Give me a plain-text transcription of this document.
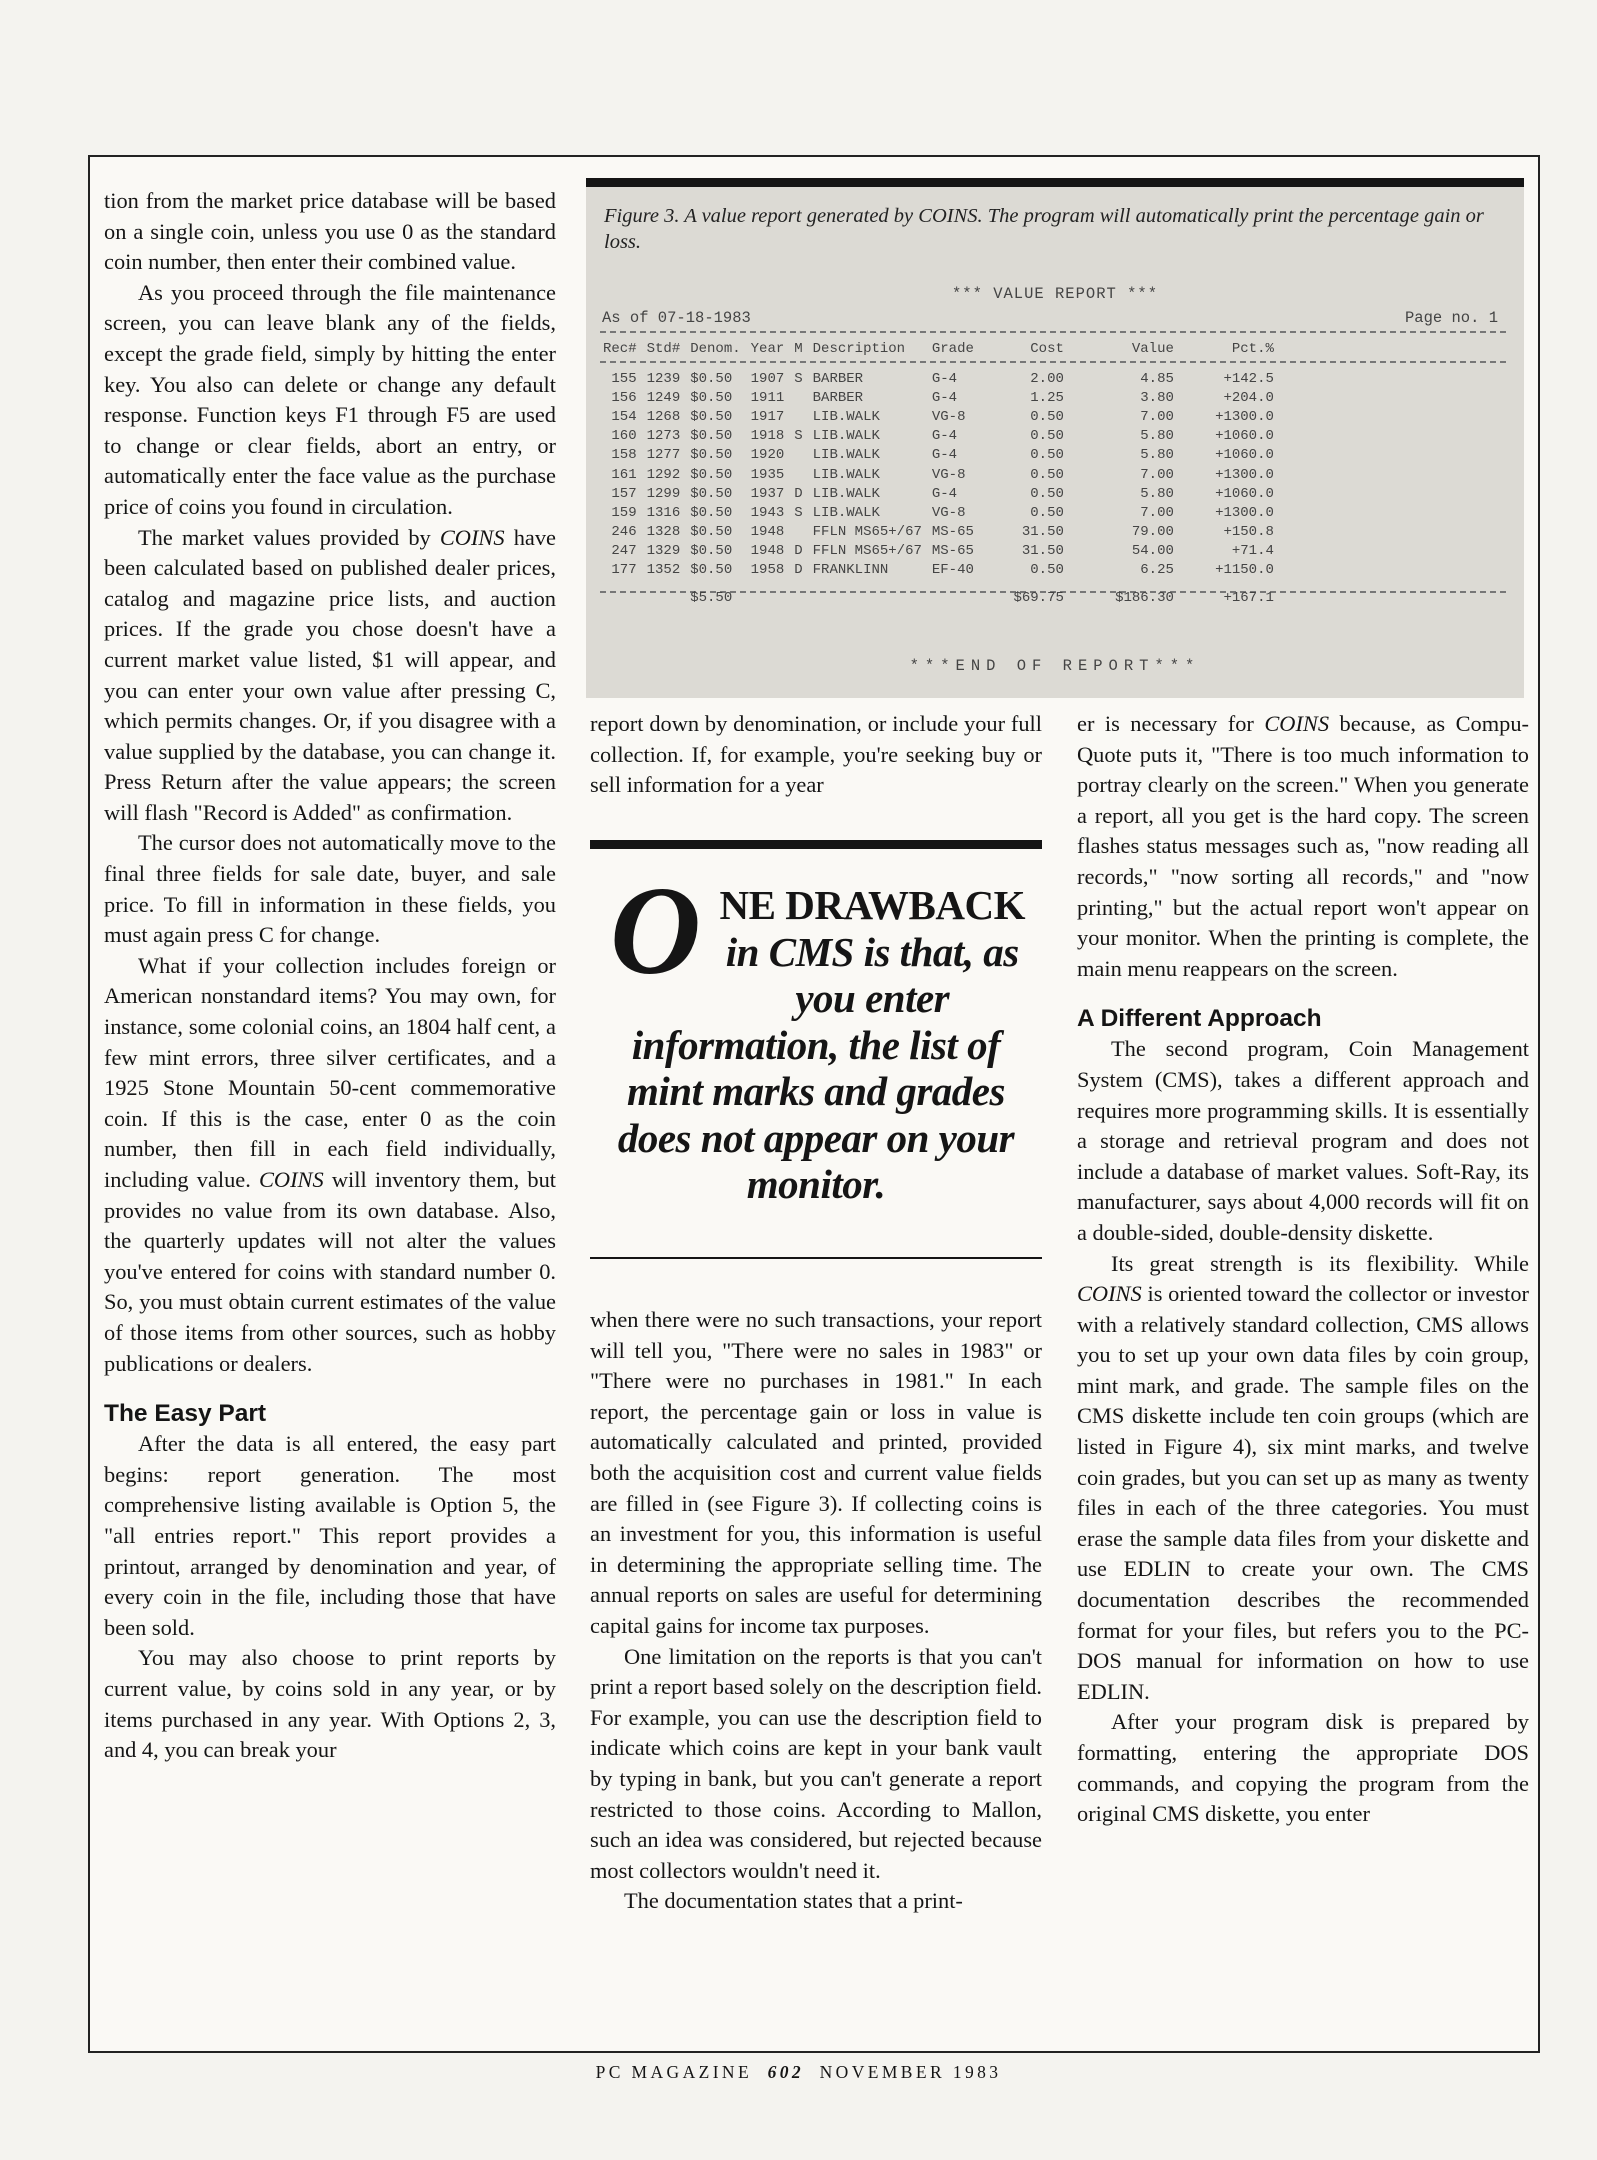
Figure 3. A value report generated by COINS. The program will automatically print the percentage gain or loss.
*** VALUE REPORT ***
As of 07-18-1983	Page no. 1
Rec#	Std#	Denom.	Year	M	Description	Grade	Cost	Value	Pct.%
155	1239	$0.50	1907	S	BARBER	G-4	2.00	4.85	+142.5
156	1249	$0.50	1911		BARBER	G-4	1.25	3.80	+204.0
154	1268	$0.50	1917		LIB.WALK	VG-8	0.50	7.00	+1300.0
160	1273	$0.50	1918	S	LIB.WALK	G-4	0.50	5.80	+1060.0
158	1277	$0.50	1920		LIB.WALK	G-4	0.50	5.80	+1060.0
161	1292	$0.50	1935		LIB.WALK	VG-8	0.50	7.00	+1300.0
157	1299	$0.50	1937	D	LIB.WALK	G-4	0.50	5.80	+1060.0
159	1316	$0.50	1943	S	LIB.WALK	VG-8	0.50	7.00	+1300.0
246	1328	$0.50	1948		FFLN MS65+/67	MS-65	31.50	79.00	+150.8
247	1329	$0.50	1948	D	FFLN MS65+/67	MS-65	31.50	54.00	+71.4
177	1352	$0.50	1958	D	FRANKLINN	EF-40	0.50	6.25	+1150.0
		$5.50					$69.75	$186.30	+167.1
***END OF REPORT***

tion from the market price database will be based on a single coin, unless you use 0 as the standard coin number, then enter their combined value.

As you proceed through the file maintenance screen, you can leave blank any of the fields, except the grade field, simply by hitting the enter key. You also can delete or change any default response. Function keys F1 through F5 are used to change or clear fields, abort an entry, or automatically enter the face value as the purchase price of coins you found in circulation.

The market values provided by COINS have been calculated based on published dealer prices, catalog and magazine price lists, and auction prices. If the grade you chose doesn't have a current market value listed, $1 will appear, and you can enter your own value after pressing C, which permits changes. Or, if you disagree with a value supplied by the database, you can change it. Press Return after the value appears; the screen will flash "Record is Added" as confirmation.

The cursor does not automatically move to the final three fields for sale date, buyer, and sale price. To fill in information in these fields, you must again press C for change.

What if your collection includes foreign or American nonstandard items? You may own, for instance, some colonial coins, an 1804 half cent, a few mint errors, three silver certificates, and a 1925 Stone Mountain 50-cent commemorative coin. If this is the case, enter 0 as the coin number, then fill in each field individually, including value. COINS will inventory them, but provides no value from its own database. Also, the quarterly updates will not alter the values you've entered for coins with standard number 0. So, you must obtain current estimates of the value of those items from other sources, such as hobby publications or dealers.

The Easy Part

After the data is all entered, the easy part begins: report generation. The most comprehensive listing available is Option 5, the "all entries report." This report provides a printout, arranged by denomination and year, of every coin in the file, including those that have been sold.

You may also choose to print reports by current value, by coins sold in any year, or by items purchased in any year. With Options 2, 3, and 4, you can break your

report down by denomination, or include your full collection. If, for example, you're seeking buy or sell information for a year

ONE DRAWBACK
in CMS is that, as you enter information, the list of mint marks and grades does not appear on your monitor.

when there were no such transactions, your report will tell you, "There were no sales in 1983" or "There were no purchases in 1981." In each report, the percentage gain or loss in value is automatically calculated and printed, provided both the acquisition cost and current value fields are filled in (see Figure 3). If collecting coins is an investment for you, this information is useful in determining the appropriate selling time. The annual reports on sales are useful for determining capital gains for income tax purposes.

One limitation on the reports is that you can't print a report based solely on the description field. For example, you can use the description field to indicate which coins are kept in your bank vault by typing in bank, but you can't generate a report restricted to those coins. According to Mallon, such an idea was considered, but rejected because most collectors wouldn't need it.

The documentation states that a print-

er is necessary for COINS because, as Compu-Quote puts it, "There is too much information to portray clearly on the screen." When you generate a report, all you get is the hard copy. The screen flashes status messages such as, "now reading all records," "now sorting all records," and "now printing," but the actual report won't appear on your monitor. When the printing is complete, the main menu reappears on the screen.

A Different Approach

The second program, Coin Management System (CMS), takes a different approach and requires more programming skills. It is essentially a storage and retrieval program and does not include a database of market values. Soft-Ray, its manufacturer, says about 4,000 records will fit on a double-sided, double-density diskette.

Its great strength is its flexibility. While COINS is oriented toward the collector or investor with a relatively standard collection, CMS allows you to set up your own data files by coin group, mint mark, and grade. The sample files on the CMS diskette include ten coin groups (which are listed in Figure 4), six mint marks, and twelve coin grades, but you can set up as many as twenty files in each of the three categories. You must erase the sample data files from your diskette and use EDLIN to create your own. The CMS documentation describes the recommended format for your files, but refers you to the PC-DOS manual for information on how to use EDLIN.

After your program disk is prepared by formatting, entering the appropriate DOS commands, and copying the program from the original CMS diskette, you enter

PC MAGAZINE 602 NOVEMBER 1983
